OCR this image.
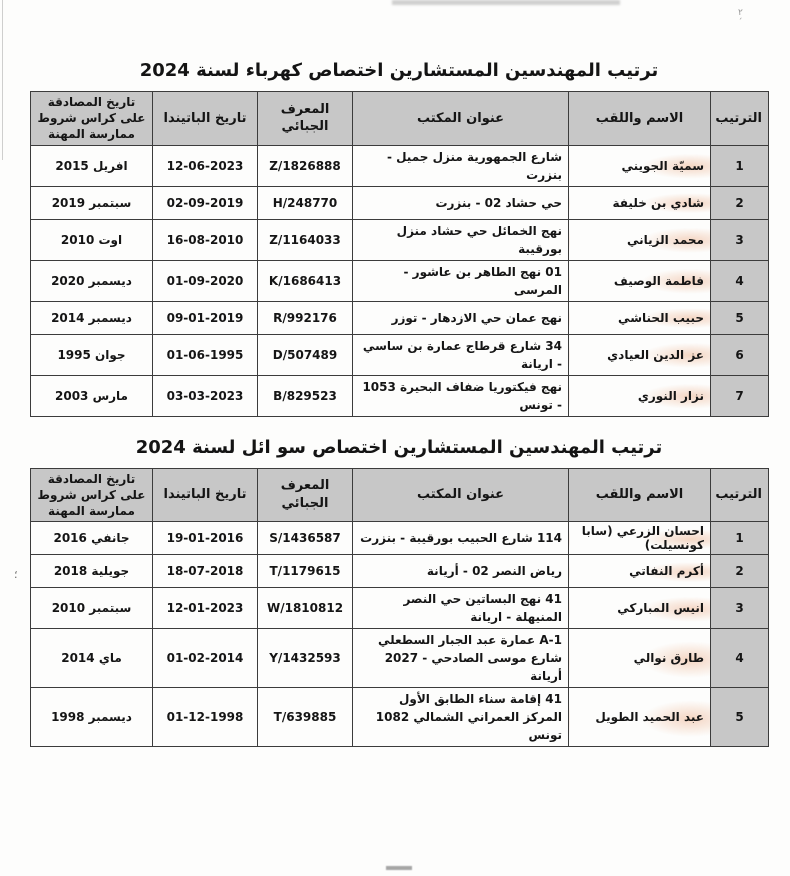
٢
´
؛
ترتيب المهندسين المستشارين اختصاص كهرباء لسنة 2024
الترتيب	الاسم واللقب	عنوان المكتب	المعرف الجبائي	تاريخ الباتيندا	تاريخ المصادقة على كراس شروط ممارسة المهنة
1	سميّة الجويني	شارع الجمهورية منزل جميل - بنزرت	1826888/Z	12-06-2023	افريل 2015
2	شادي بن خليفة	حي حشاد 02 - بنزرت	248770/H	02-09-2019	سبتمبر 2019
3	محمد الزياني	نهج الخمائل حي حشاد منزل بورقيبة	1164033/Z	16-08-2010	اوت 2010
4	فاطمة الوصيف	01 نهج الطاهر بن عاشور - المرسى	1686413/K	01-09-2020	ديسمبر 2020
5	حبيب الحناشي	نهج عمان حي الازدهار - توزر	992176/R	09-01-2019	ديسمبر 2014
6	عز الدين العيادي	34 شارع قرطاج عمارة بن ساسي - اريانة	507489/D	01-06-1995	جوان 1995
7	نزار النوري	نهج فيكتوريا ضفاف البحيرة 1053 - تونس	829523/B	03-03-2023	مارس 2003
ترتيب المهندسين المستشارين اختصاص سو ائل لسنة 2024
الترتيب	الاسم واللقب	عنوان المكتب	المعرف الجبائي	تاريخ الباتيندا	تاريخ المصادقة على كراس شروط ممارسة المهنة
1	احسان الزرعي (سابا كونسيلت)	114 شارع الحبيب بورقيبة - بنزرت	1436587/S	19-01-2016	جانفي 2016
2	أكرم النفاتي	رياض النصر 02 - أريانة	1179615/T	18-07-2018	جويلية 2018
3	انيس المباركي	41 نهج البساتين حي النصر المنيهلة - اريانة	1810812/W	12-01-2023	سبتمبر 2010
4	طارق نوالي	A-1 عمارة عبد الجبار السطعلي شارع موسى الصادحي - 2027 أريانة	1432593/Y	01-02-2014	ماي 2014
5	عبد الحميد الطويل	41 إقامة سناء الطابق الأول المركز العمراني الشمالي 1082 تونس	639885/T	01-12-1998	ديسمبر 1998
